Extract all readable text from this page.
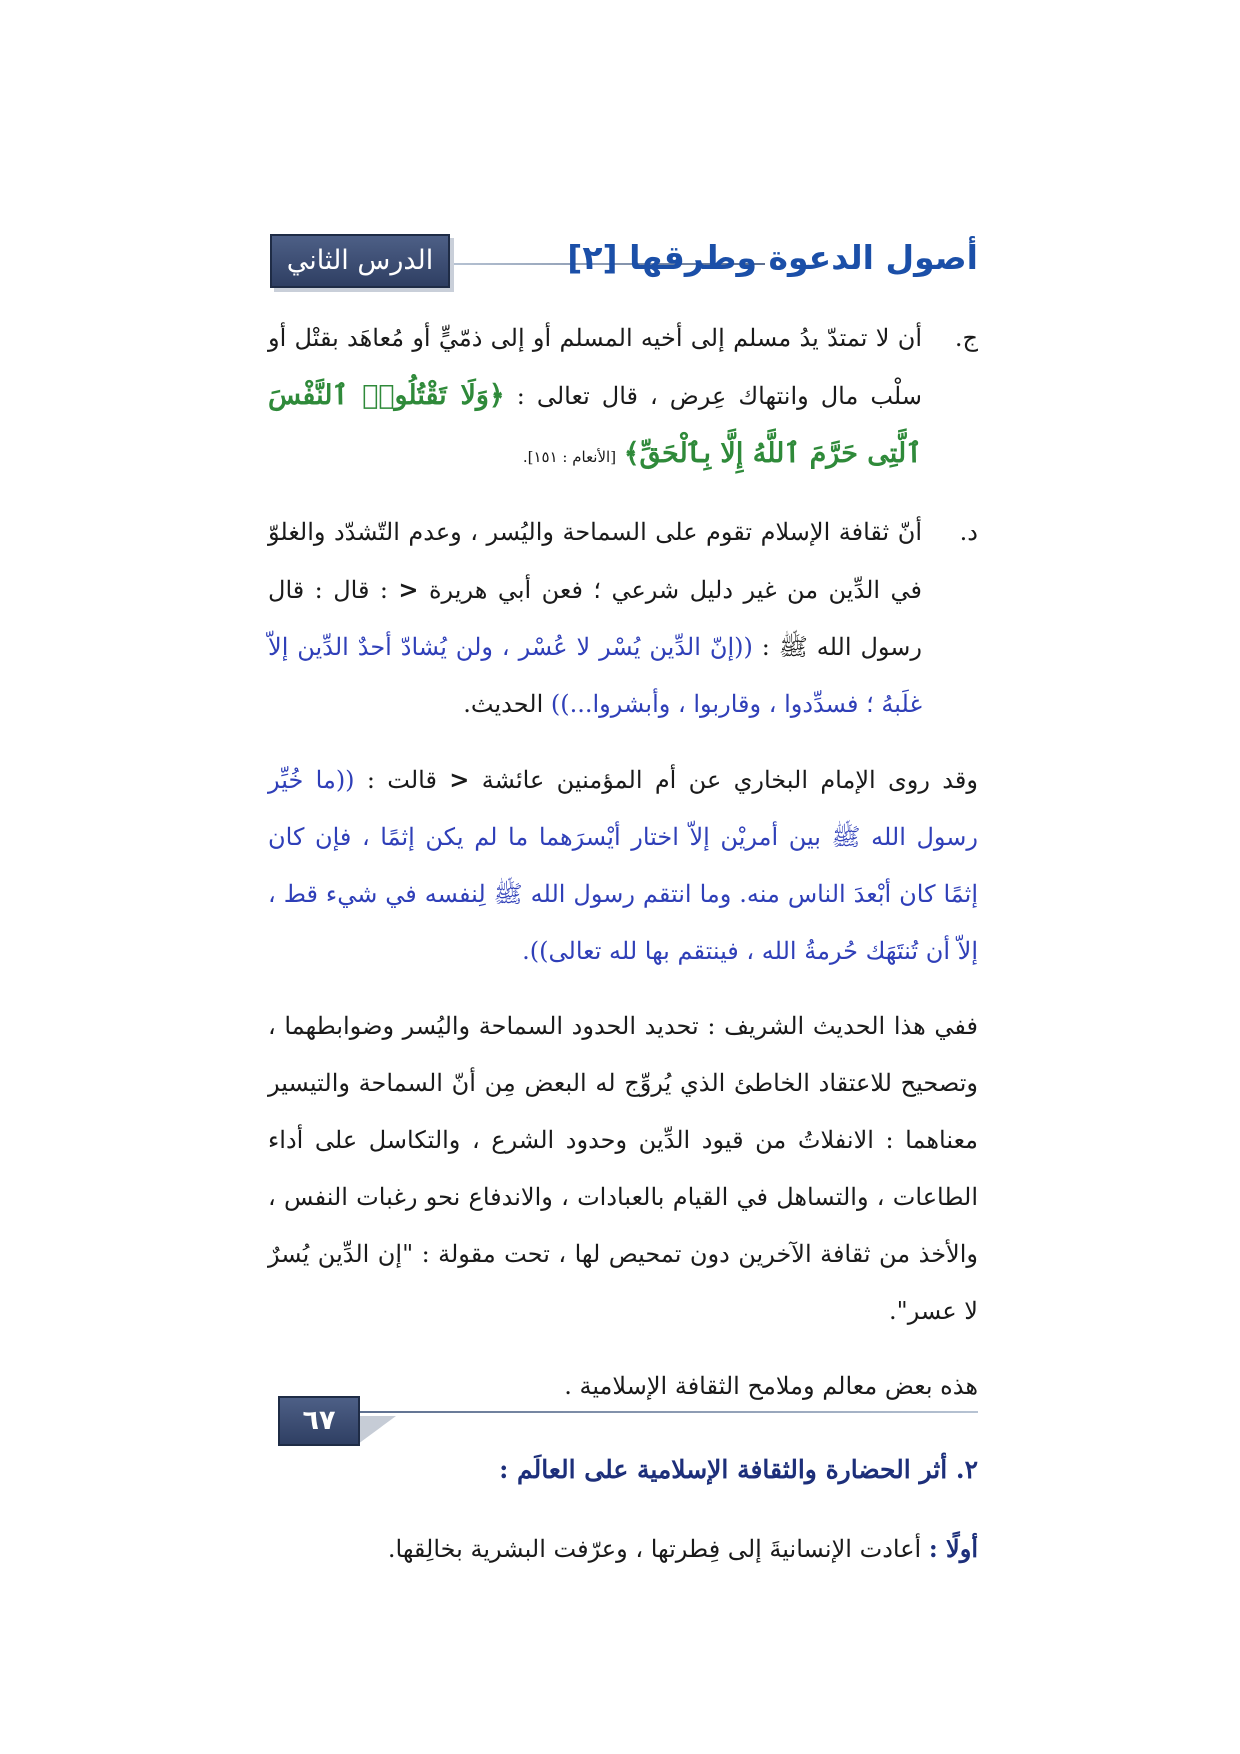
أصول الدعوة وطرقها [٢]
الدرس الثاني
ج.
أن لا تمتدّ يدُ مسلم إلى أخيه المسلم أو إلى ذمّيٍّ أو مُعاهَد بقتْل أو سلْب مال وانتهاك عِرض ، قال تعالى : ﴿وَلَا تَقْتُلُوا۟ ٱلنَّفْسَ ٱلَّتِى حَرَّمَ ٱللَّهُ إِلَّا بِٱلْحَقِّ﴾ [الأنعام : ١٥١].
د.
أنّ ثقافة الإسلام تقوم على السماحة واليُسر ، وعدم التّشدّد والغلوّ في الدِّين من غير دليل شرعي ؛ فعن أبي هريرة < : قال : قال رسول الله ﷺ : ((إنّ الدِّين يُسْر لا عُسْر ، ولن يُشادّ أحدٌ الدِّين إلاّ غلَبهُ ؛ فسدِّدوا ، وقاربوا ، وأبشروا...)) الحديث.

وقد روى الإمام البخاري عن أم المؤمنين عائشة < قالت : ((ما خُيِّر رسول الله ﷺ بين أمريْن إلاّ اختار أيْسرَهما ما لم يكن إثمًا ، فإن كان إثمًا كان أبْعدَ الناس منه. وما انتقم رسول الله ﷺ لِنفسه في شيء قط ، إلاّ أن تُنتَهَك حُرمةُ الله ، فينتقم بها لله تعالى)).

ففي هذا الحديث الشريف : تحديد الحدود السماحة واليُسر وضوابطهما ، وتصحيح للاعتقاد الخاطئ الذي يُروِّج له البعض مِن أنّ السماحة والتيسير معناهما : الانفلاتُ من قيود الدِّين وحدود الشرع ، والتكاسل على أداء الطاعات ، والتساهل في القيام بالعبادات ، والاندفاع نحو رغبات النفس ، والأخذ من ثقافة الآخرين دون تمحيص لها ، تحت مقولة : "إن الدِّين يُسرٌ لا عسر".

هذه بعض معالم وملامح الثقافة الإسلامية .

٢. أثر الحضارة والثقافة الإسلامية على العالَم :

أولًا : أعادت الإنسانيةَ إلى فِطرتها ، وعرّفت البشرية بخالِقها.

٦٧
